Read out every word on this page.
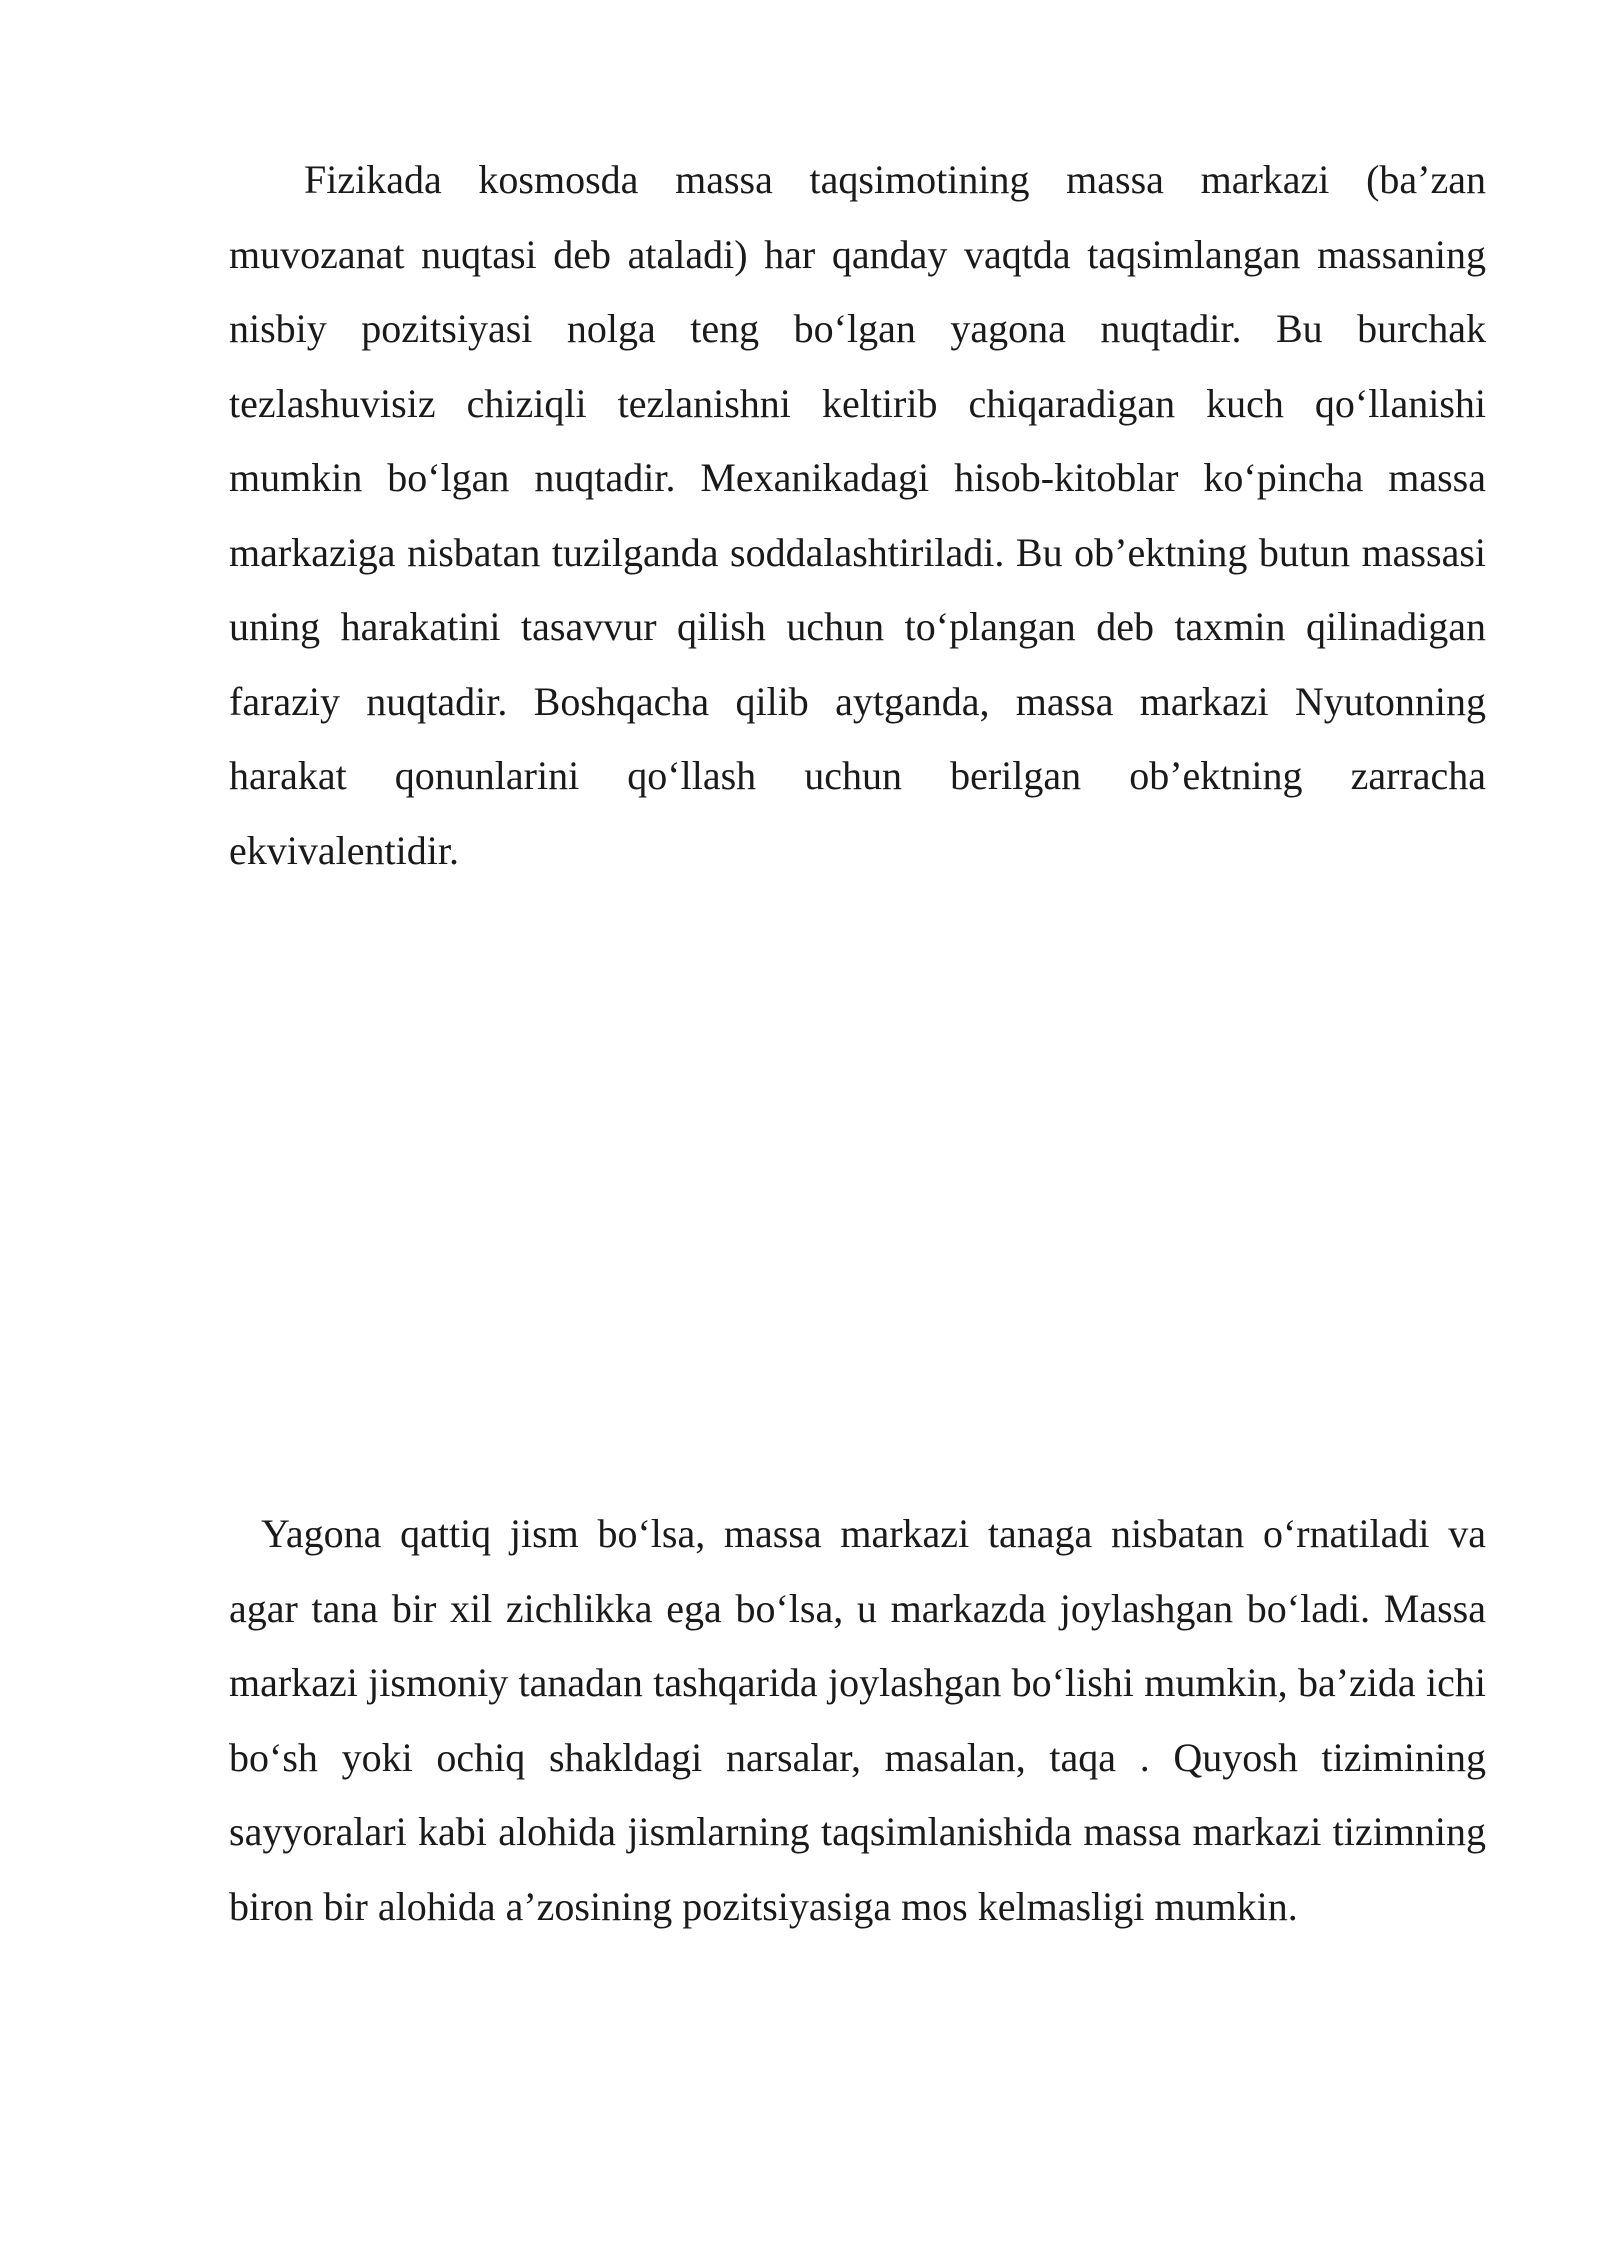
Fizikada kosmosda massa taqsimotining massa markazi (ba’zan muvozanat nuqtasi deb ataladi) har qanday vaqtda taqsimlangan massaning nisbiy pozitsiyasi nolga teng bo‘lgan yagona nuqtadir. Bu burchak tezlashuvisiz chiziqli tezlanishni keltirib chiqaradigan kuch qo‘llanishi mumkin bo‘lgan nuqtadir. Mexanikadagi hisob-kitoblar ko‘pincha massa markaziga nisbatan tuzilganda soddalashtiriladi. Bu ob’ektning butun massasi uning harakatini tasavvur qilish uchun to‘plangan deb taxmin qilinadigan faraziy nuqtadir. Boshqacha qilib aytganda, massa markazi Nyutonning harakat qonunlarini qo‘llash uchun berilgan ob’ektning zarracha ekvivalentidir.

Yagona qattiq jism bo‘lsa, massa markazi tanaga nisbatan o‘rnatiladi va agar tana bir xil zichlikka ega bo‘lsa, u markazda joylashgan bo‘ladi. Massa markazi jismoniy tanadan tashqarida joylashgan bo‘lishi mumkin, ba’zida ichi bo‘sh yoki ochiq shakldagi narsalar, masalan, taqa . Quyosh tizimining sayyoralari kabi alohida jismlarning taqsimlanishida massa markazi tizimning biron bir alohida a’zosining pozitsiyasiga mos kelmasligi mumkin.
